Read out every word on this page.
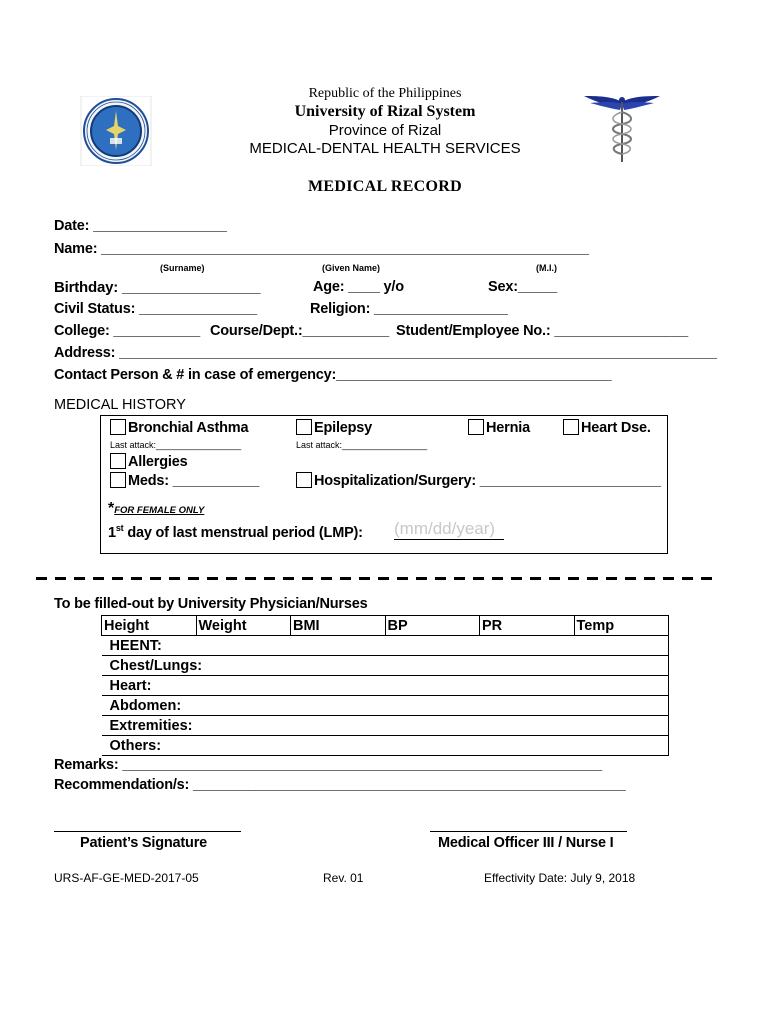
Republic of the Philippines
University of Rizal System
Province of Rizal
MEDICAL-DENTAL HEALTH SERVICES
MEDICAL RECORD
Date: _________________
Name: ______________________________________________________________
(Surname)	(Given Name)	(M.I.)
Birthday: _________________	Age: ____ y/o	Sex:_____
Civil Status: _______________	Religion: _________________
College: ___________ Course/Dept.:___________ Student/Employee No.: _________________
Address: ____________________________________________________________________________
Contact Person & # in case of emergency:___________________________________
MEDICAL HISTORY
Bronchial Asthma
Last attack:_________________
Epilepsy
Last attack:_________________
Hernia	Heart Dse.
Allergies
Meds: ___________	Hospitalization/Surgery: _______________________
*FOR FEMALE ONLY
1st day of last menstrual period (LMP): (mm/dd/year)
To be filled-out by University Physician/Nurses
Height	Weight	BMI	BP	PR	Temp
HEENT:
Chest/Lungs:
Heart:
Abdomen:
Extremities:
Others:
Remarks: _____________________________________________________________
Recommendation/s: _______________________________________________________
Patient’s Signature	Medical Officer III / Nurse I
URS-AF-GE-MED-2017-05	Rev. 01	Effectivity Date: July 9, 2018
